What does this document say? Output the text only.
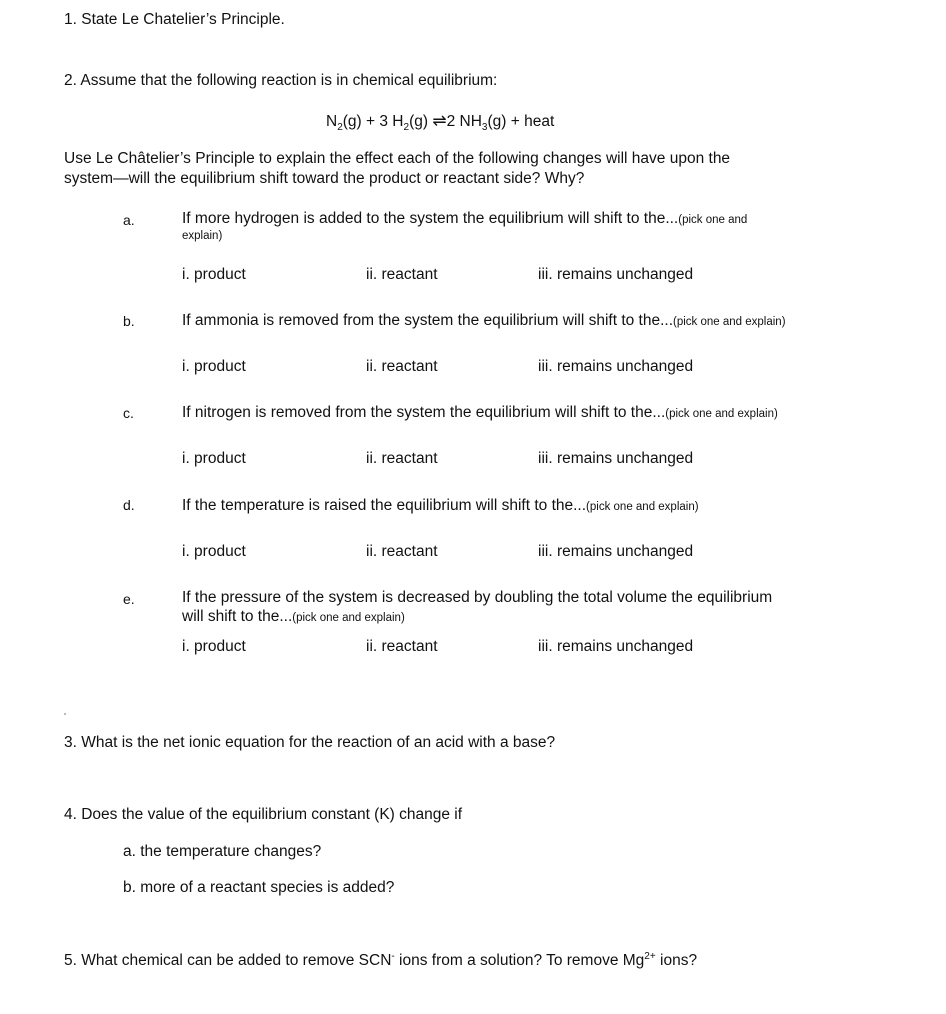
1. State Le Chatelier’s Principle.
2. Assume that the following reaction is in chemical equilibrium:
$N_2(g) + 3$ $H_2(g)$ ⇌2 $NH_3(g)$ + heat
Use Le Châtelier’s Principle to explain the effect each of the following changes will have upon the
system—will the equilibrium shift toward the product or reactant side? Why?
a.	If more hydrogen is added to the system the equilibrium will shift to the...(pick one and
explain)
i. product	ii. reactant	iii. remains unchanged
b.	If ammonia is removed from the system the equilibrium will shift to the...(pick one and explain)
i. product	ii. reactant	iii. remains unchanged
c.	If nitrogen is removed from the system the equilibrium will shift to the...(pick one and explain)
i. product	ii. reactant	iii. remains unchanged
d.	If the temperature is raised the equilibrium will shift to the...(pick one and explain)
i. product	ii. reactant	iii. remains unchanged
e.	If the pressure of the system is decreased by doubling the total volume the equilibrium
will shift to the...(pick one and explain)
i. product	ii. reactant	iii. remains unchanged
3. What is the net ionic equation for the reaction of an acid with a base?
4. Does the value of the equilibrium constant (K) change if
a. the temperature changes?
b. more of a reactant species is added?
5. What chemical can be added to remove SCN- ions from a solution? To remove $Mg^{2+}$ ions?
